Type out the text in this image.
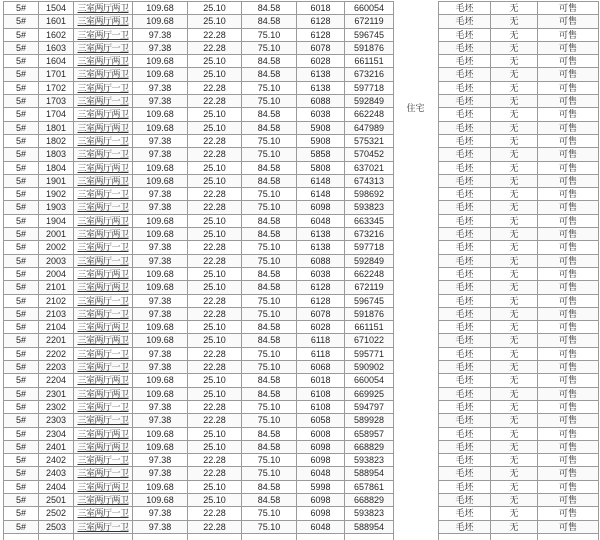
5#	1504	三室两厅两卫	109.68	25.10	84.58	6018	660054
5#	1601	三室两厅两卫	109.68	25.10	84.58	6128	672119
5#	1602	三室两厅一卫	97.38	22.28	75.10	6128	596745
5#	1603	三室两厅一卫	97.38	22.28	75.10	6078	591876
5#	1604	三室两厅两卫	109.68	25.10	84.58	6028	661151
5#	1701	三室两厅两卫	109.68	25.10	84.58	6138	673216
5#	1702	三室两厅一卫	97.38	22.28	75.10	6138	597718
5#	1703	三室两厅一卫	97.38	22.28	75.10	6088	592849
5#	1704	三室两厅两卫	109.68	25.10	84.58	6038	662248
5#	1801	三室两厅两卫	109.68	25.10	84.58	5908	647989
5#	1802	三室两厅一卫	97.38	22.28	75.10	5908	575321
5#	1803	三室两厅一卫	97.38	22.28	75.10	5858	570452
5#	1804	三室两厅两卫	109.68	25.10	84.58	5808	637021
5#	1901	三室两厅两卫	109.68	25.10	84.58	6148	674313
5#	1902	三室两厅一卫	97.38	22.28	75.10	6148	598692
5#	1903	三室两厅一卫	97.38	22.28	75.10	6098	593823
5#	1904	三室两厅两卫	109.68	25.10	84.58	6048	663345
5#	2001	三室两厅两卫	109.68	25.10	84.58	6138	673216
5#	2002	三室两厅一卫	97.38	22.28	75.10	6138	597718
5#	2003	三室两厅一卫	97.38	22.28	75.10	6088	592849
5#	2004	三室两厅两卫	109.68	25.10	84.58	6038	662248
5#	2101	三室两厅两卫	109.68	25.10	84.58	6128	672119
5#	2102	三室两厅一卫	97.38	22.28	75.10	6128	596745
5#	2103	三室两厅一卫	97.38	22.28	75.10	6078	591876
5#	2104	三室两厅两卫	109.68	25.10	84.58	6028	661151
5#	2201	三室两厅两卫	109.68	25.10	84.58	6118	671022
5#	2202	三室两厅一卫	97.38	22.28	75.10	6118	595771
5#	2203	三室两厅一卫	97.38	22.28	75.10	6068	590902
5#	2204	三室两厅两卫	109.68	25.10	84.58	6018	660054
5#	2301	三室两厅两卫	109.68	25.10	84.58	6108	669925
5#	2302	三室两厅一卫	97.38	22.28	75.10	6108	594797
5#	2303	三室两厅一卫	97.38	22.28	75.10	6058	589928
5#	2304	三室两厅两卫	109.68	25.10	84.58	6008	658957
5#	2401	三室两厅两卫	109.68	25.10	84.58	6098	668829
5#	2402	三室两厅一卫	97.38	22.28	75.10	6098	593823
5#	2403	三室两厅一卫	97.38	22.28	75.10	6048	588954
5#	2404	三室两厅两卫	109.68	25.10	84.58	5998	657861
5#	2501	三室两厅两卫	109.68	25.10	84.58	6098	668829
5#	2502	三室两厅一卫	97.38	22.28	75.10	6098	593823
5#	2503	三室两厅一卫	97.38	22.28	75.10	6048	588954

住宅
毛坯	无	可售
毛坯	无	可售
毛坯	无	可售
毛坯	无	可售
毛坯	无	可售
毛坯	无	可售
毛坯	无	可售
毛坯	无	可售
毛坯	无	可售
毛坯	无	可售
毛坯	无	可售
毛坯	无	可售
毛坯	无	可售
毛坯	无	可售
毛坯	无	可售
毛坯	无	可售
毛坯	无	可售
毛坯	无	可售
毛坯	无	可售
毛坯	无	可售
毛坯	无	可售
毛坯	无	可售
毛坯	无	可售
毛坯	无	可售
毛坯	无	可售
毛坯	无	可售
毛坯	无	可售
毛坯	无	可售
毛坯	无	可售
毛坯	无	可售
毛坯	无	可售
毛坯	无	可售
毛坯	无	可售
毛坯	无	可售
毛坯	无	可售
毛坯	无	可售
毛坯	无	可售
毛坯	无	可售
毛坯	无	可售
毛坯	无	可售
